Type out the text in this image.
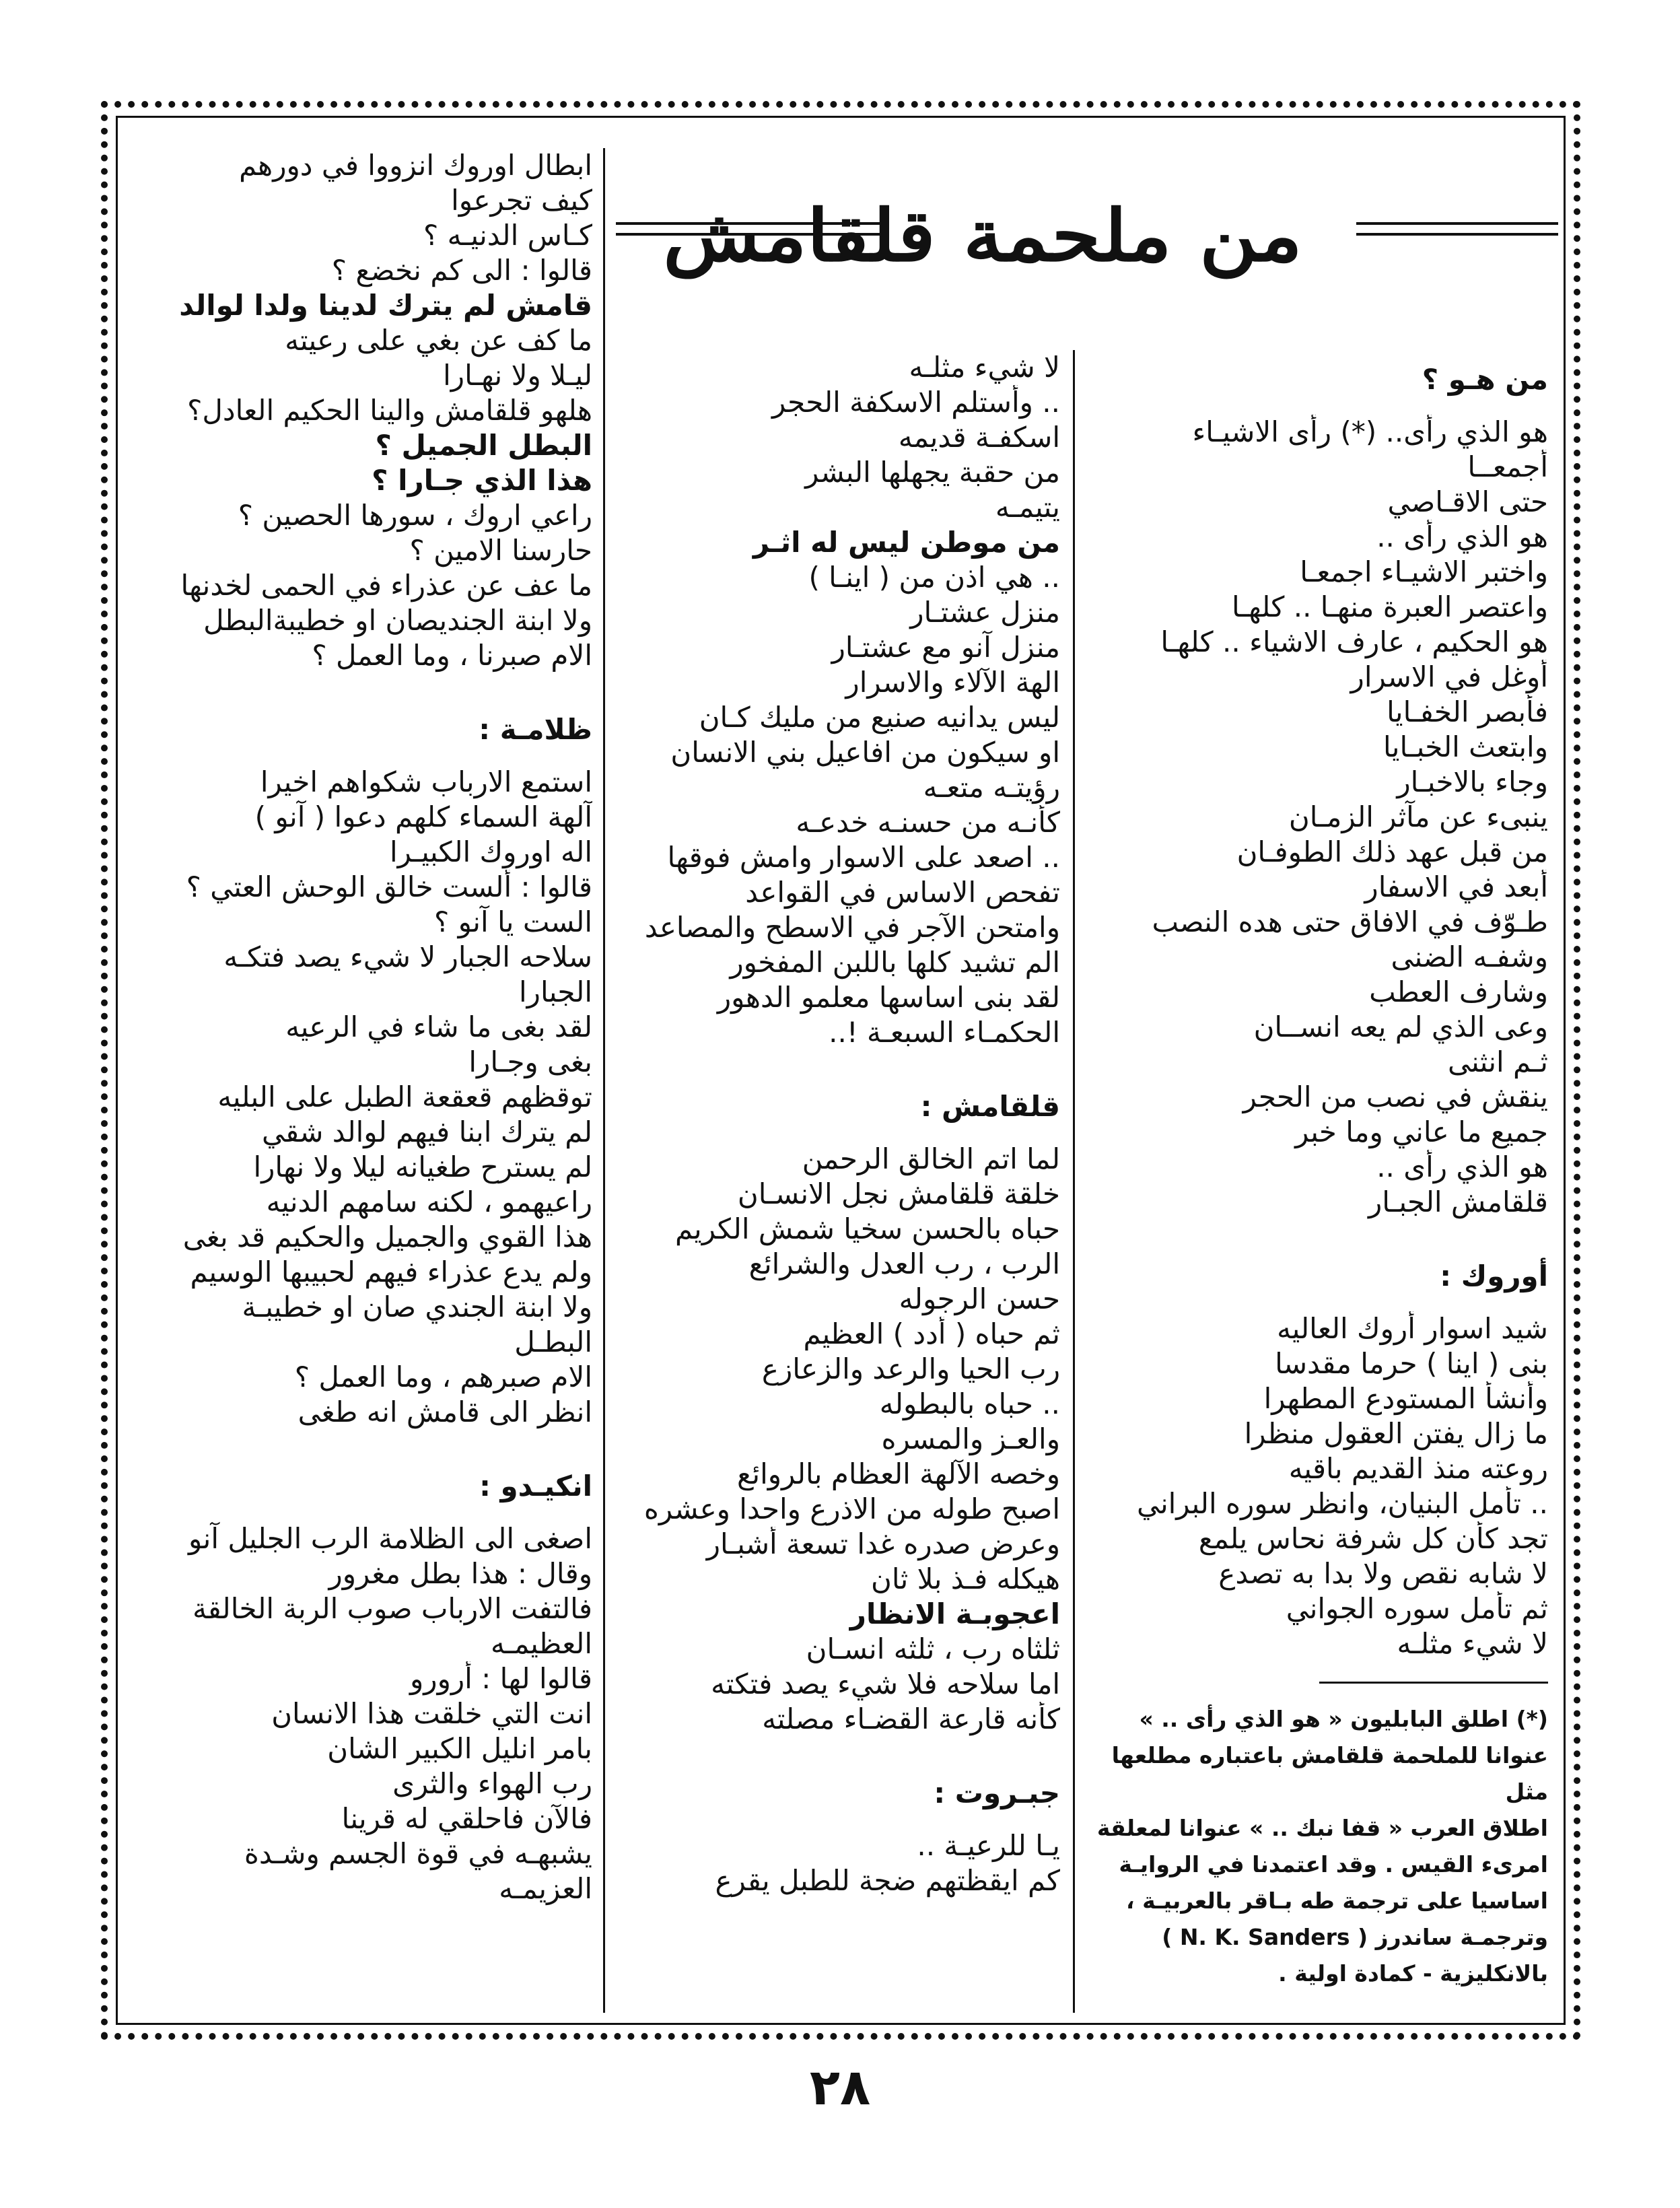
من ملحمة قلقامش
من هـو ؟
هو الذي رأى.. (*) رأى الاشيـاء
أجمعــا
حتى الاقـاصي
هو الذي رأى ..
واختبر الاشيـاء اجمعـا
واعتصر العبرة منهـا .. كلهـا
هو الحكيم ، عارف الاشياء .. كلهـا
أوغل في الاسرار
فأبصر الخفـايا
وابتعث الخبـايا
وجاء بالاخبـار
ينبىء عن مآثر الزمـان
من قبل عهد ذلك الطوفـان
أبعد في الاسفار
طـوّف في الافاق حتى هده النصب
وشفـه الضنى
وشارف العطب
وعى الذي لم يعه انســان
ثـم انثنى
ينقش في نصب من الحجر
جميع ما عاني وما خبر
هو الذي رأى ..
قلقامش الجبـار
أوروك :
شيد اسوار أروك العاليه
بنى ( اينا ) حرما مقدسا
وأنشأ المستودع المطهرا
ما زال يفتن العقول منظرا
روعته منذ القديم باقيه
.. تأمل البنيان، وانظر سوره البراني
تجد كأن كل شرفة نحاس يلمع
لا شابه نقص ولا بدا به تصدع
ثم تأمل سوره الجواني
لا شيء مثلـه
(*) اطلق البابليون « هو الذي رأى .. »
عنوانا للملحمة قلقامش باعتباره مطلعها مثل
اطلاق العرب « قفا نبك .. » عنوانا لمعلقة
امرىء القيس . وقد اعتمدنا في الروايـة
اساسيا على ترجمة طه بـاقر بالعربيـة ،
وترجمـة ساندرز ( N. K. Sanders )
بالانكليزية - كمادة اولية .
لا شيء مثلـه
.. وأستلم الاسكفة الحجر
اسكفـة قديمه
من حقبة يجهلها البشر
يتيمـه
من موطن ليس له اثـر
.. هي اذن من ( اينـا )
منزل عشتـار
منزل آنو مع عشتـار
الهة الآلاء والاسرار
ليس يدانيه صنيع من مليك كـان
او سيكون من افاعيل بني الانسان
رؤيتـه متعـه
كأنـه من حسنـه خدعـه
.. اصعد على الاسوار وامش فوقها
تفحص الاساس في القواعد
وامتحن الآجر في الاسطح والمصاعد
الم تشيد كلها باللبن المفخور
لقد بنى اساسها معلمو الدهور
الحكمـاء السبعـة !..
قلقامش :
لما اتم الخالق الرحمن
خلقة قلقامش نجل الانسـان
حباه بالحسن سخيا شمش الكريم
الرب ، رب العدل والشرائع
حسن الرجوله
ثم حباه ( أدد ) العظيم
رب الحيا والرعد والزعازع
.. حباه بالبطوله
والعـز والمسره
وخصه الآلهة العظام بالروائع
اصبح طوله من الاذرع واحدا وعشره
وعرض صدره غدا تسعة أشبـار
هيكله فـذ بلا ثان
اعجوبـة الانظار
ثلثاه رب ، ثلثه انسـان
اما سلاحه فلا شيء يصد فتكته
كأنه قارعة القضـاء مصلته
جبـروت :
يـا للرعيـة ..
كم ايقظتهم ضجة للطبل يقرع
ابطال اوروك انزووا في دورهم
كيف تجرعوا
كـاس الدنيـه ؟
قالوا : الى كم نخضع ؟
قامش لم يترك لدينا ولدا لوالد
ما كف عن بغي على رعيته
ليـلا ولا نهـارا
هلهو قلقامش والينا الحكيم العادل؟
البطل الجميل ؟
هذا الذي جـارا ؟
راعي اروك ، سورها الحصين ؟
حارسنا الامين ؟
ما عف عن عذراء في الحمى لخدنها
ولا ابنة الجنديصان او خطيبةالبطل
الام صبرنا ، وما العمل ؟
ظلامـة :
استمع الارباب شكواهم اخيرا
آلهة السماء كلهم دعوا ( آنو )
اله اوروك الكبيـرا
قالوا : ألست خالق الوحش العتي ؟
الست يا آنو ؟
سلاحه الجبار لا شيء يصد فتكـه
الجبارا
لقد بغى ما شاء في الرعيه
بغى وجـارا
توقظهم قعقعة الطبل على البليه
لم يترك ابنا فيهم لوالد شقي
لم يسترح طغيانه ليلا ولا نهارا
راعيهمو ، لكنه سامهم الدنيه
هذا القوي والجميل والحكيم قد بغى
ولم يدع عذراء فيهم لحبيبها الوسيم
ولا ابنة الجندي صان او خطيبـة
البطـل
الام صبرهم ، وما العمل ؟
انظر الى قامش انه طغى
انكيـدو :
اصغى الى الظلامة الرب الجليل آنو
وقال : هذا بطل مغرور
فالتفت الارباب صوب الربة الخالقة
العظيمـه
قالوا لها : أرورو
انت التي خلقت هذا الانسان
بامر انليل الكبير الشان
رب الهواء والثرى
فالآن فاحلقي له قرينا
يشبهـه في قوة الجسم وشـدة
العزيمـه
٢٨
